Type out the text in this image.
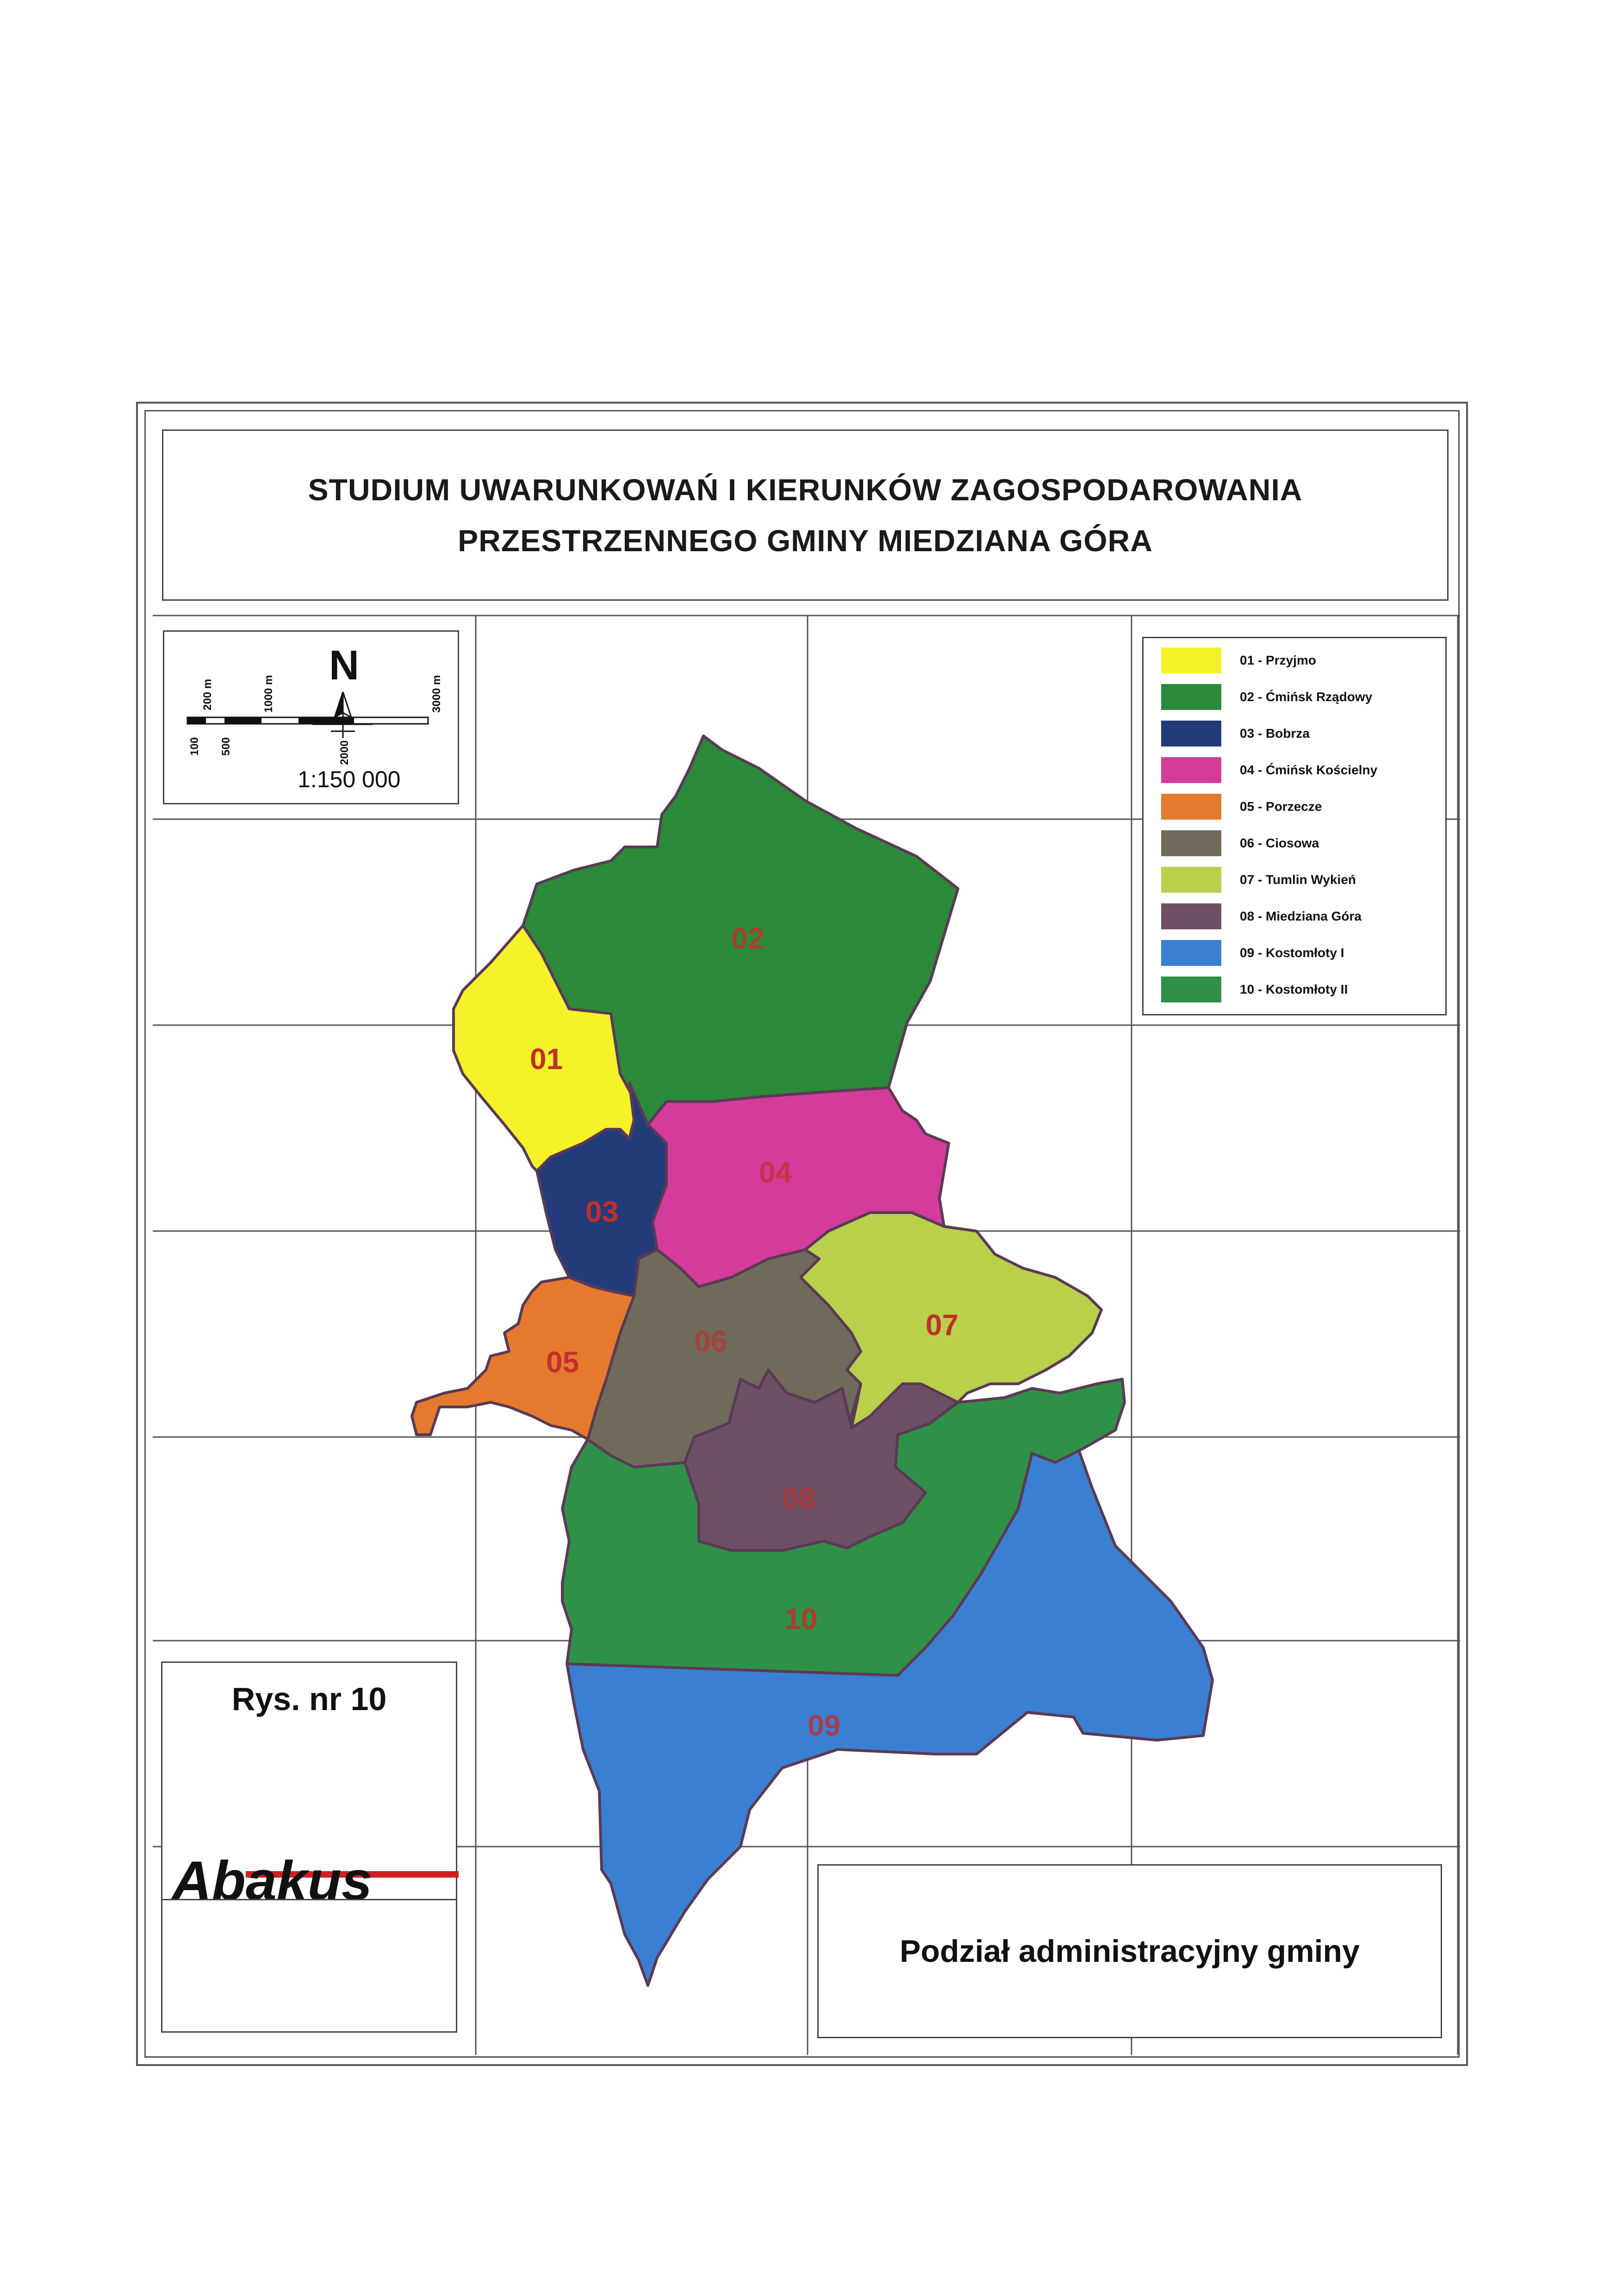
STUDIUM UWARUNKOWAŃ I KIERUNKÓW ZAGOSPODAROWANIA
PRZESTRZENNEGO GMINY MIEDZIANA GÓRA
01
02
03
04
05
06	07
08
09
10
N
200 m	1000 m	3000 m
100 500	2000
1:150 000
01 - Przyjmo
02 - Ćmińsk Rządowy
03 - Bobrza
04 - Ćmińsk Kościelny
05 - Porzecze
06 - Ciosowa
07 - Tumlin Wykień
08 - Miedziana Góra
09 - Kostomłoty I
10 - Kostomłoty II
Rys. nr 10
Abakus
Podział administracyjny gminy
